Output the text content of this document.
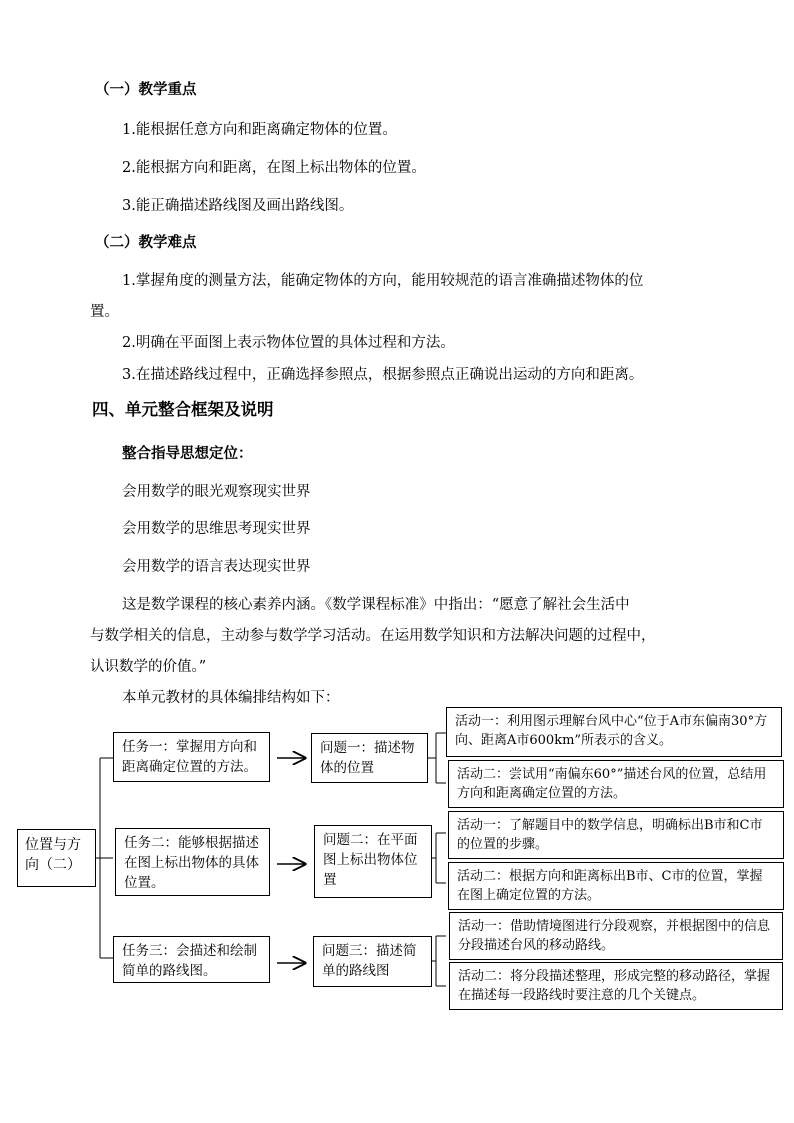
（一）教学重点
1.能根据任意方向和距离确定物体的位置。
2.能根据方向和距离，在图上标出物体的位置。
3.能正确描述路线图及画出路线图。
（二）教学难点
1.掌握角度的测量方法，能确定物体的方向，能用较规范的语言准确描述物体的位
置。
2.明确在平面图上表示物体位置的具体过程和方法。
3.在描述路线过程中，正确选择参照点，根据参照点正确说出运动的方向和距离。
四、单元整合框架及说明
整合指导思想定位：
会用数学的眼光观察现实世界
会用数学的思维思考现实世界
会用数学的语言表达现实世界
这是数学课程的核心素养内涵。《数学课程标准》中指出：“愿意了解社会生活中
与数学相关的信息，主动参与数学学习活动。在运用数学知识和方法解决问题的过程中，
认识数学的价值。”
本单元教材的具体编排结构如下：
位置与方向（二）
任务一：掌握用方向和距离确定位置的方法。
任务二：能够根据描述在图上标出物体的具体位置。
任务三：会描述和绘制简单的路线图。
问题一：描述物体的位置
问题二：在平面图上标出物体位置
问题三：描述简单的路线图
活动一：利用图示理解台风中心“位于A市东偏南30°方向、距离A市600km”所表示的含义。
活动二：尝试用“南偏东60°”描述台风的位置，总结用方向和距离确定位置的方法。
活动一：了解题目中的数学信息，明确标出B市和C市的位置的步骤。
活动二：根据方向和距离标出B市、C市的位置，掌握在图上确定位置的方法。
活动一：借助情境图进行分段观察，并根据图中的信息分段描述台风的移动路线。
活动二：将分段描述整理，形成完整的移动路径，掌握在描述每一段路线时要注意的几个关键点。
